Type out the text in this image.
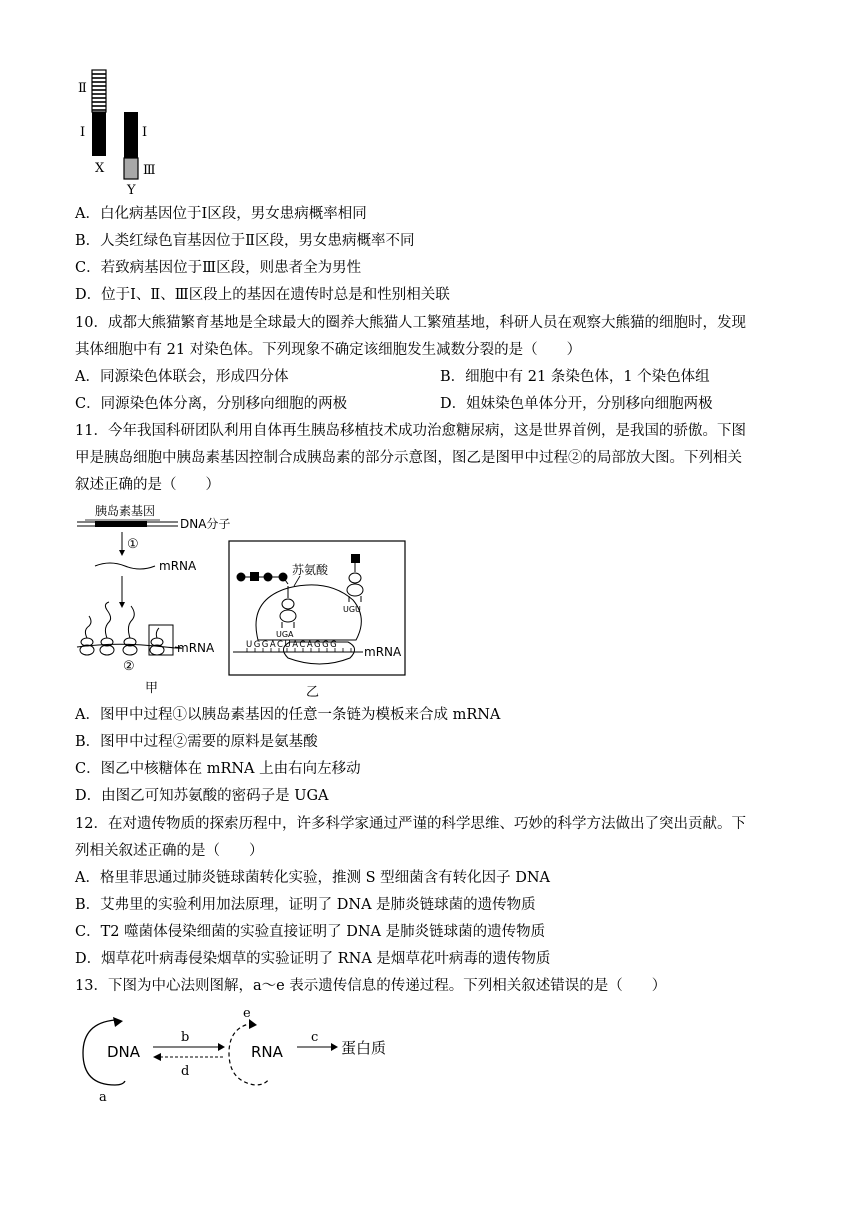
Ⅱ
Ⅰ
X
Ⅰ
Ⅲ
Y
A．白化病基因位于Ⅰ区段，男女患病概率相同
B．人类红绿色盲基因位于Ⅱ区段，男女患病概率不同
C．若致病基因位于Ⅲ区段，则患者全为男性
D．位于Ⅰ、Ⅱ、Ⅲ区段上的基因在遗传时总是和性别相关联
10．成都大熊猫繁育基地是全球最大的圈养大熊猫人工繁殖基地，科研人员在观察大熊猫的细胞时，发现
其体细胞中有 21 对染色体。下列现象不确定该细胞发生减数分裂的是（　　）
A．同源染色体联会，形成四分体	B．细胞中有 21 条染色体，1 个染色体组
C．同源染色体分离，分别移向细胞的两极	D．姐妹染色单体分开，分别移向细胞两极
11．今年我国科研团队利用自体再生胰岛移植技术成功治愈糖尿病，这是世界首例，是我国的骄傲。下图
甲是胰岛细胞中胰岛素基因控制合成胰岛素的部分示意图，图乙是图甲中过程②的局部放大图。下列相关
叙述正确的是（　　）
胰岛素基因
DNA分子
①
mRNA
mRNA
②
甲
苏氨酸
UGA
UGU
UGGACUACAGGG mRNA
乙
A．图甲中过程①以胰岛素基因的任意一条链为模板来合成 mRNA
B．图甲中过程②需要的原料是氨基酸
C．图乙中核糖体在 mRNA 上由右向左移动
D．由图乙可知苏氨酸的密码子是 UGA
12．在对遗传物质的探索历程中，许多科学家通过严谨的科学思维、巧妙的科学方法做出了突出贡献。下
列相关叙述正确的是（　　）
A．格里菲思通过肺炎链球菌转化实验，推测 S 型细菌含有转化因子 DNA
B．艾弗里的实验利用加法原理，证明了 DNA 是肺炎链球菌的遗传物质
C．T2 噬菌体侵染细菌的实验直接证明了 DNA 是肺炎链球菌的遗传物质
D．烟草花叶病毒侵染烟草的实验证明了 RNA 是烟草花叶病毒的遗传物质
13．下图为中心法则图解，a～e 表示遗传信息的传递过程。下列相关叙述错误的是（　　）
DNA
a
b
d
e
RNA
c
蛋白质
